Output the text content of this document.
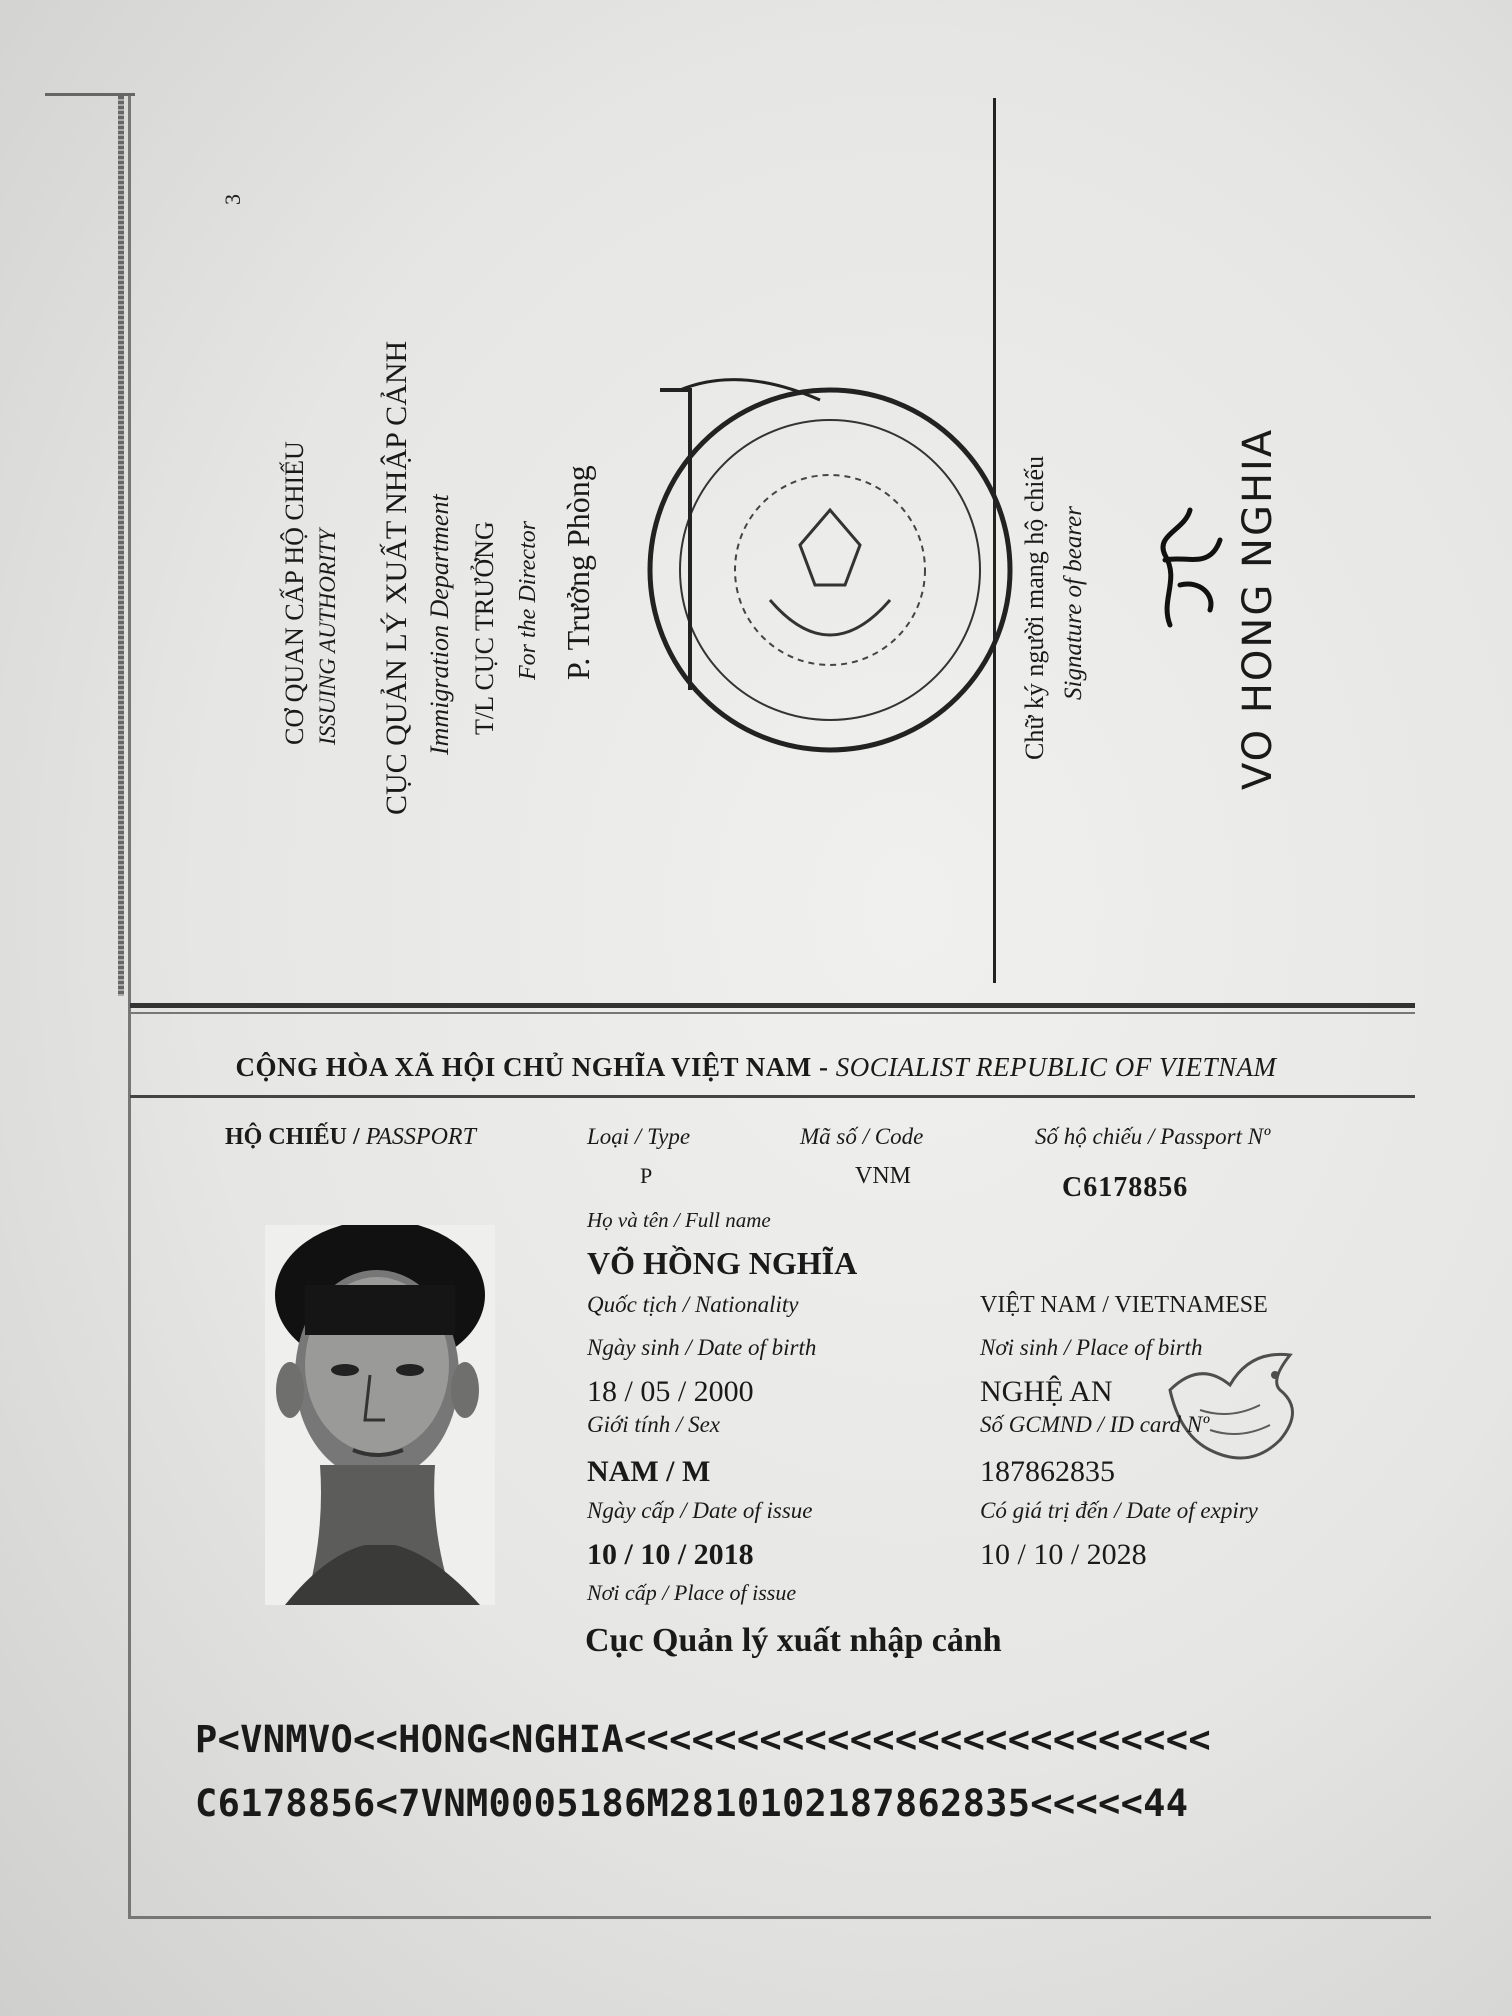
3
CƠ QUAN CẤP HỘ CHIẾU ISSUING AUTHORITY CỤC QUẢN LÝ XUẤT NHẬP CẢNH Immigration Department T/L CỤC TRƯỞNG For the Director P. Trưởng Phòng	Chữ ký người mang hộ chiếu Signature of bearer	VO HONG NGHIA
CỘNG HÒA XÃ HỘI CHỦ NGHĨA VIỆT NAM - SOCIALIST REPUBLIC OF VIETNAM
HỘ CHIẾU / PASSPORT	Loại / Type
P
Mã số / Code
VNM
Số hộ chiếu / Passport Nº
C6178856
Họ và tên / Full name
VÕ HỒNG NGHĨA
Quốc tịch / Nationality	VIỆT NAM / VIETNAMESE
Ngày sinh / Date of birth
18 / 05 / 2000
Nơi sinh / Place of birth
NGHỆ AN
Giới tính / Sex
NAM / M
Số GCMND / ID card Nº
187862835
Ngày cấp / Date of issue
10 / 10 / 2018
Có giá trị đến / Date of expiry
10 / 10 / 2028
Nơi cấp / Place of issue
Cục Quản lý xuất nhập cảnh
P<VNMVO<<HONG<NGHIA<<<<<<<<<<<<<<<<<<<<<<<<<<
C6178856<7VNM0005186M2810102187862835<<<<<44
